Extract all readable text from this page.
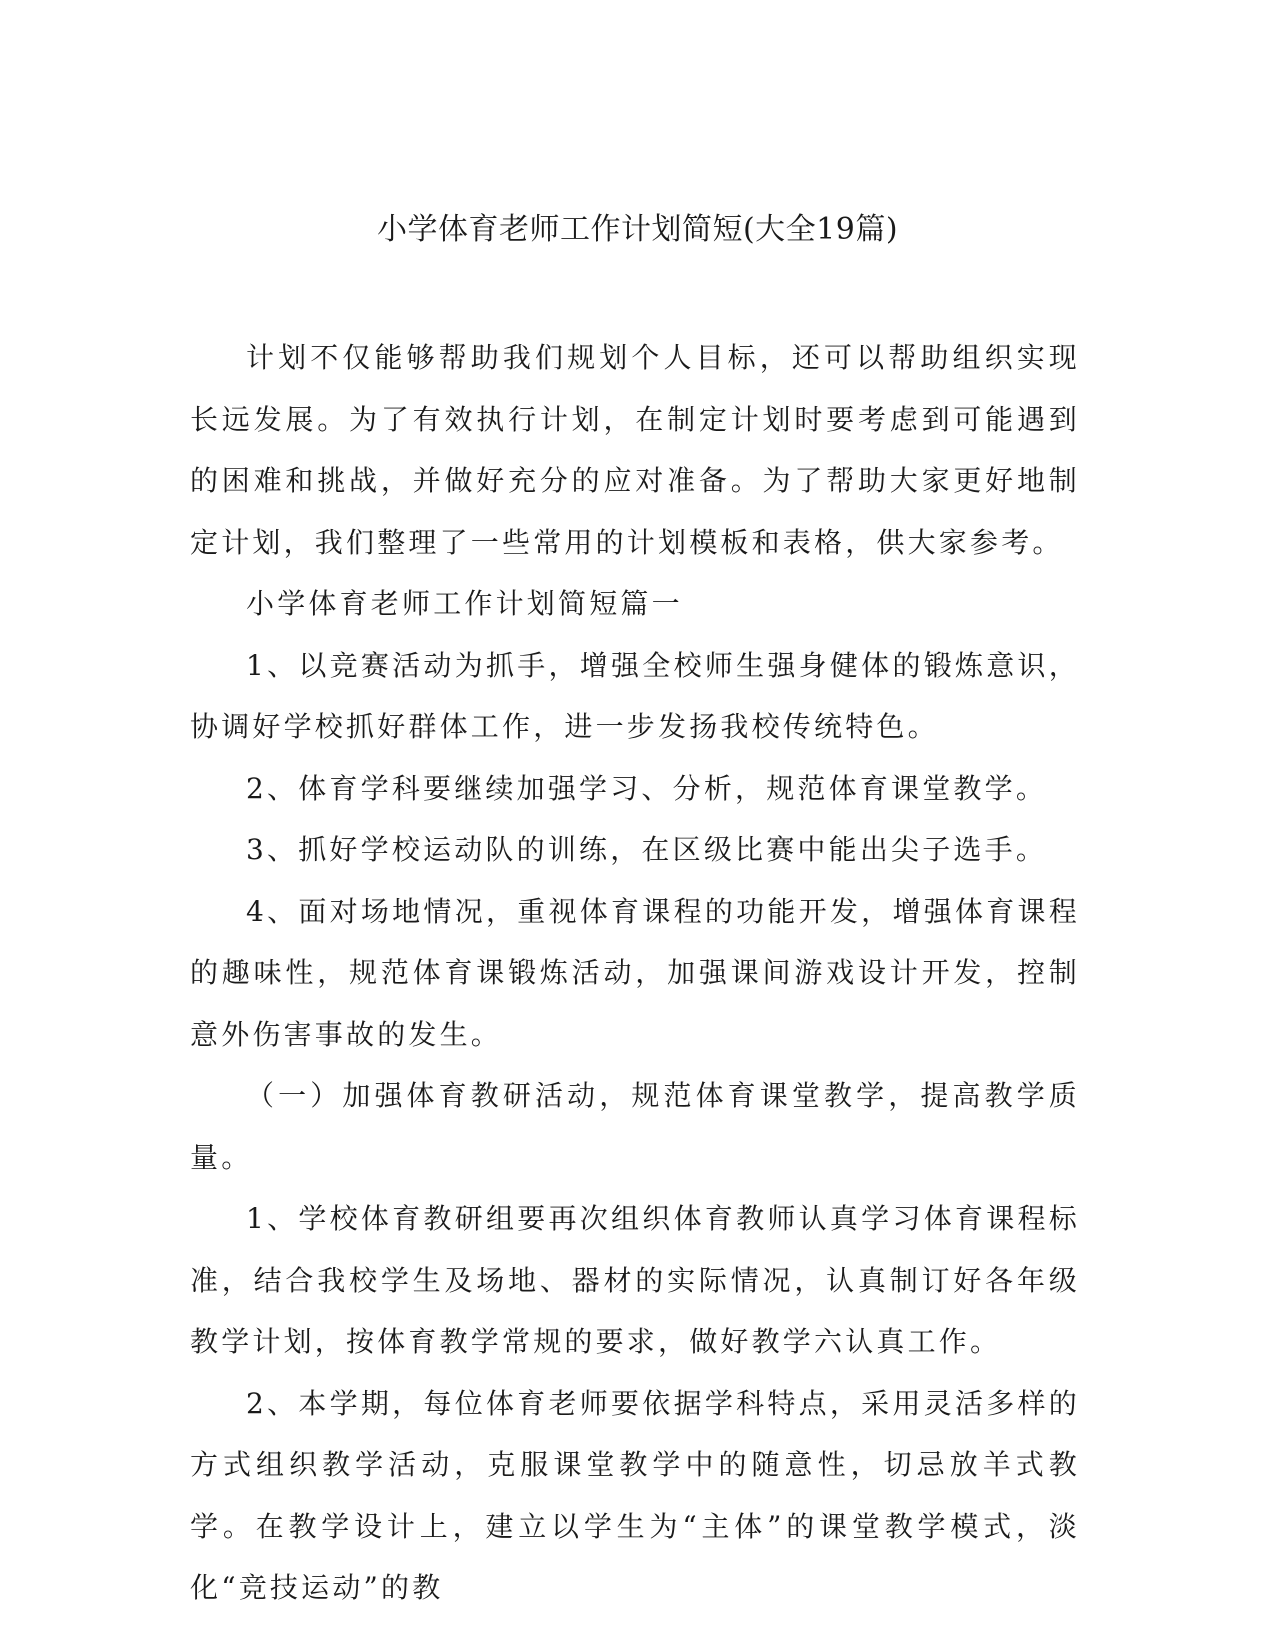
小学体育老师工作计划简短(大全19篇)

计划不仅能够帮助我们规划个人目标，还可以帮助组织实现长远发展。为了有效执行计划，在制定计划时要考虑到可能遇到的困难和挑战，并做好充分的应对准备。为了帮助大家更好地制定计划，我们整理了一些常用的计划模板和表格，供大家参考。

小学体育老师工作计划简短篇一

1、以竞赛活动为抓手，增强全校师生强身健体的锻炼意识，协调好学校抓好群体工作，进一步发扬我校传统特色。

2、体育学科要继续加强学习、分析，规范体育课堂教学。

3、抓好学校运动队的训练，在区级比赛中能出尖子选手。

4、面对场地情况，重视体育课程的功能开发，增强体育课程的趣味性，规范体育课锻炼活动，加强课间游戏设计开发，控制意外伤害事故的发生。

（一）加强体育教研活动，规范体育课堂教学，提高教学质量。

1、学校体育教研组要再次组织体育教师认真学习体育课程标准，结合我校学生及场地、器材的实际情况，认真制订好各年级教学计划，按体育教学常规的要求，做好教学六认真工作。

2、本学期，每位体育老师要依据学科特点，采用灵活多样的方式组织教学活动，克服课堂教学中的随意性，切忌放羊式教学。在教学设计上，建立以学生为“主体”的课堂教学模式，淡化“竞技运动”的教
